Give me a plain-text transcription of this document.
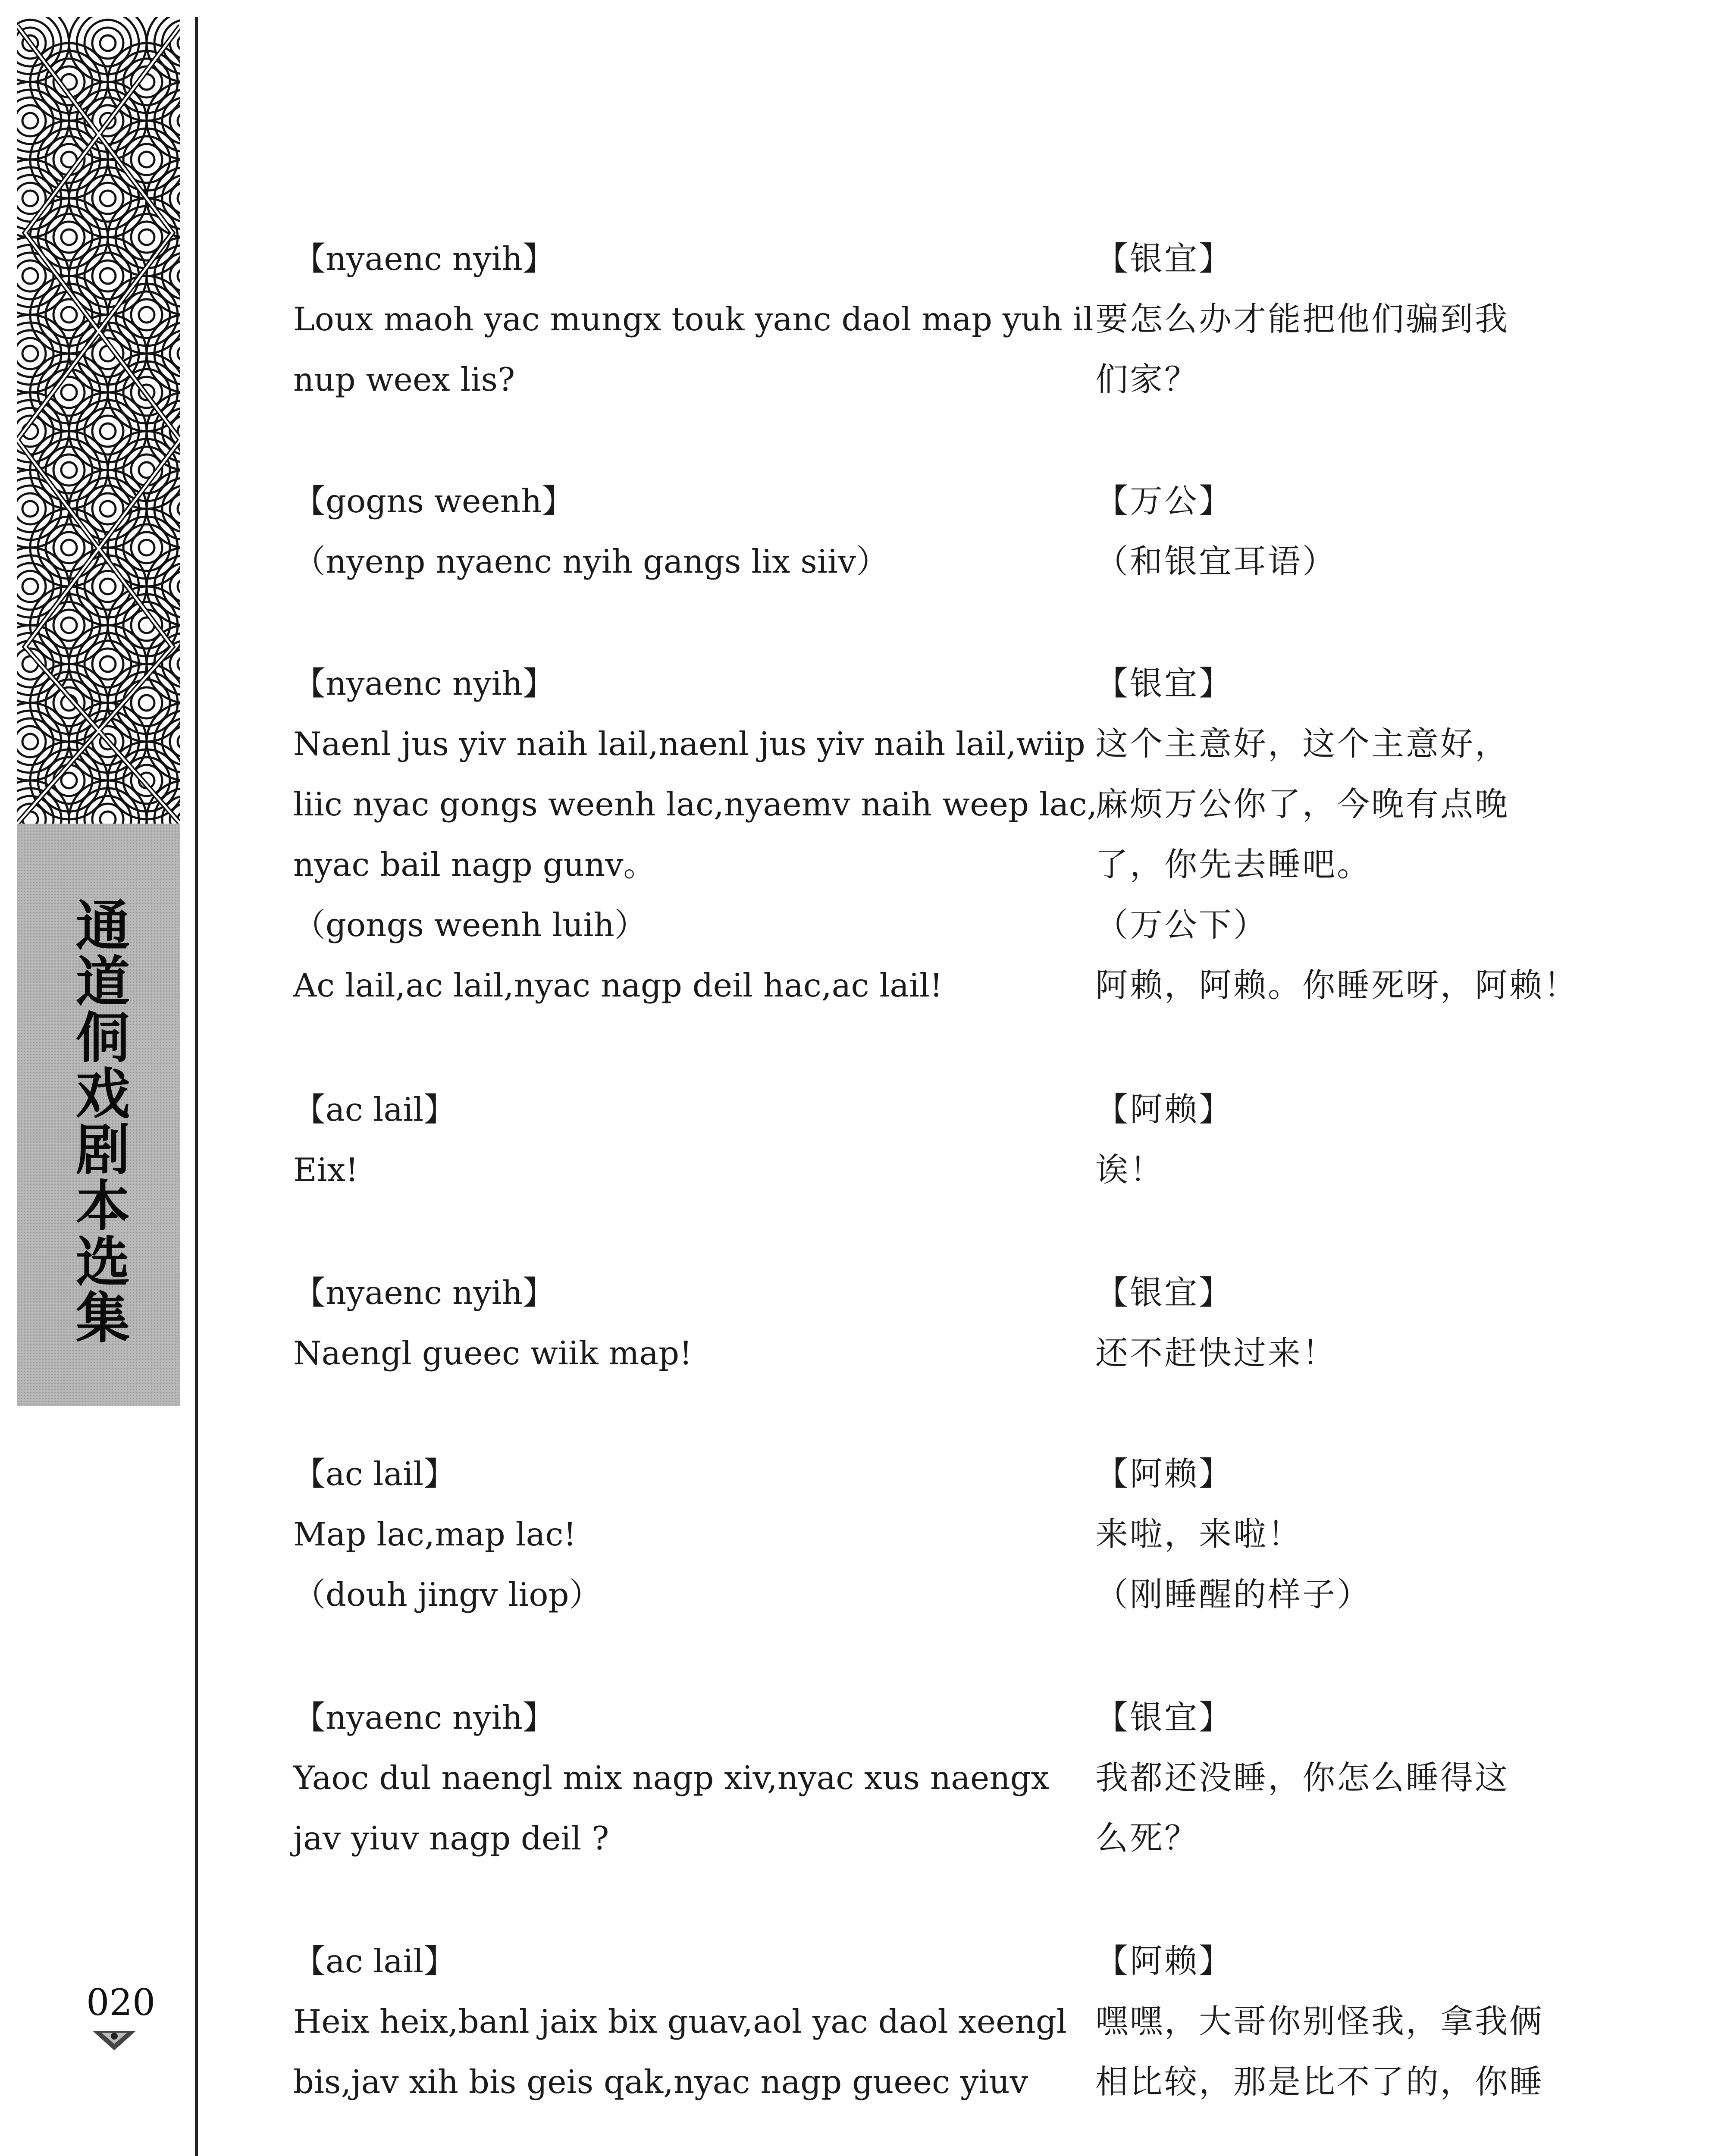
通道侗戏剧本选集
020
【nyaenc nyih】
Loux maoh yac mungx touk yanc daol map yuh il
nup weex lis?
【银宜】
要怎么办才能把他们骗到我
们家？
【gogns weenh】
（nyenp nyaenc nyih gangs lix siiv）
【万公】
（和银宜耳语）
【nyaenc nyih】
Naenl jus yiv naih lail,naenl jus yiv naih lail,wiip
liic nyac gongs weenh lac,nyaemv naih weep lac,
nyac bail nagp gunv。
（gongs weenh luih）
Ac lail,ac lail,nyac nagp deil hac,ac lail!
【银宜】
这个主意好，这个主意好，
麻烦万公你了，今晚有点晚
了，你先去睡吧。
（万公下）
阿赖，阿赖。你睡死呀，阿赖！
【ac lail】
Eix!
【阿赖】
诶！
【nyaenc nyih】
Naengl gueec wiik map!
【银宜】
还不赶快过来！
【ac lail】
Map lac,map lac!
（douh jingv liop）
【阿赖】
来啦，来啦！
（刚睡醒的样子）
【nyaenc nyih】
Yaoc dul naengl mix nagp xiv,nyac xus naengx
jav yiuv nagp deil ?
【银宜】
我都还没睡，你怎么睡得这
么死？
【ac lail】
Heix heix,banl jaix bix guav,aol yac daol xeengl
bis,jav xih bis geis qak,nyac nagp gueec yiuv
【阿赖】
嘿嘿，大哥你别怪我，拿我俩
相比较，那是比不了的，你睡
